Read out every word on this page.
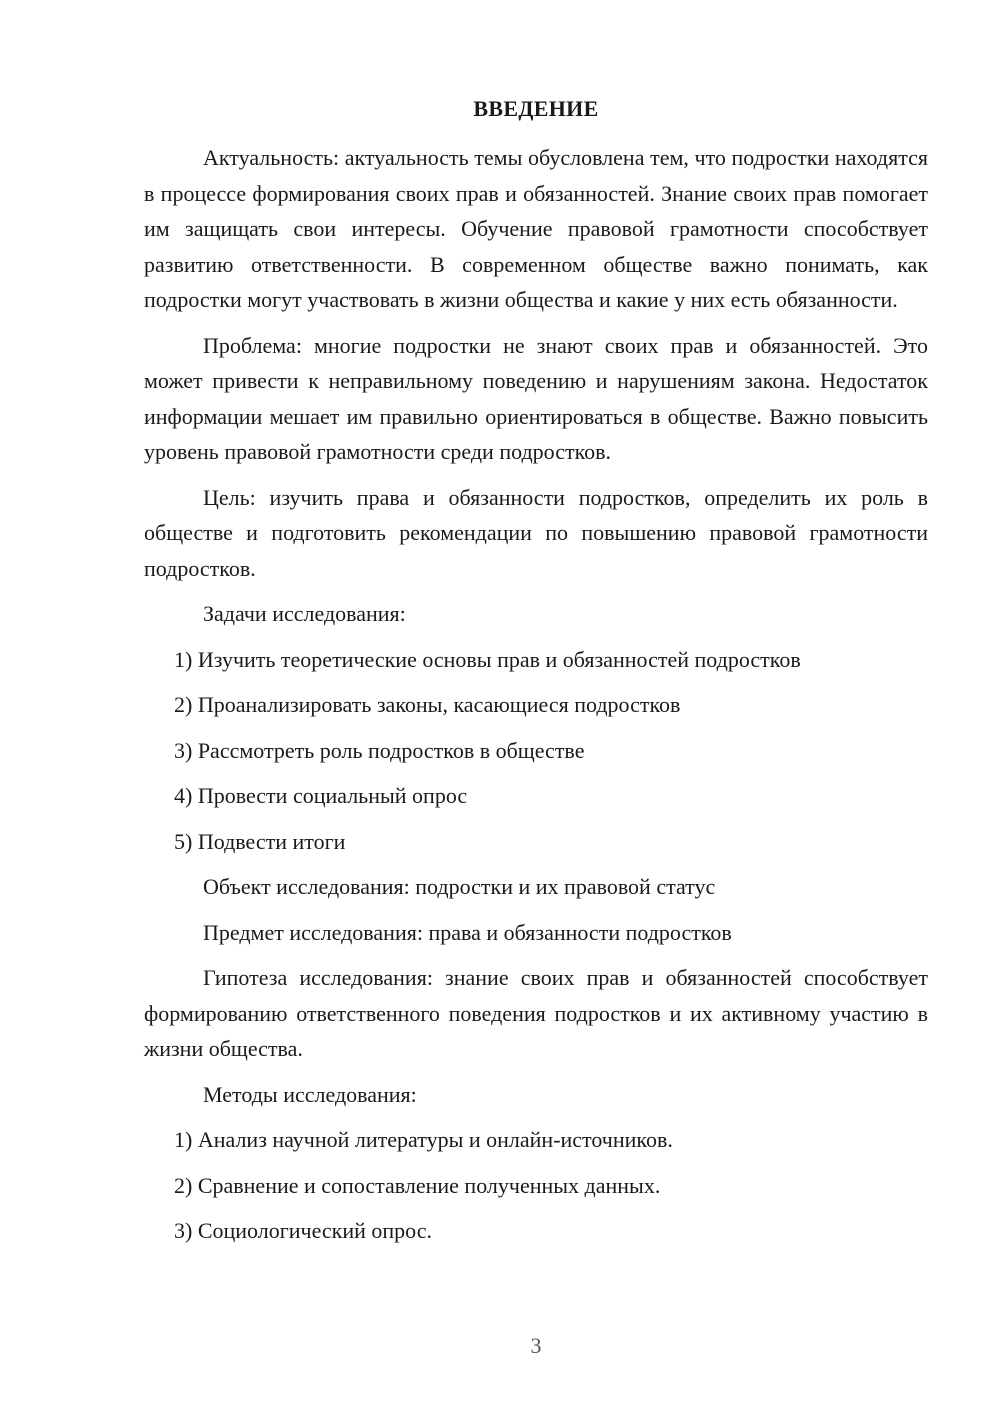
ВВЕДЕНИЕ

Актуальность: актуальность темы обусловлена тем, что подростки находятся в процессе формирования своих прав и обязанностей. Знание своих прав помогает им защищать свои интересы. Обучение правовой грамотности способствует развитию ответственности. В современном обществе важно понимать, как подростки могут участвовать в жизни общества и какие у них есть обязанности.

Проблема: многие подростки не знают своих прав и обязанностей. Это может привести к неправильному поведению и нарушениям закона. Недостаток информации мешает им правильно ориентироваться в обществе. Важно повысить уровень правовой грамотности среди подростков.

Цель: изучить права и обязанности подростков, определить их роль в обществе и подготовить рекомендации по повышению правовой грамотности подростков.

Задачи исследования:

1) Изучить теоретические основы прав и обязанностей подростков

2) Проанализировать законы, касающиеся подростков

3) Рассмотреть роль подростков в обществе

4) Провести социальный опрос

5) Подвести итоги

Объект исследования: подростки и их правовой статус

Предмет исследования: права и обязанности подростков

Гипотеза исследования: знание своих прав и обязанностей способствует формированию ответственного поведения подростков и их активному участию в жизни общества.

Методы исследования:

1) Анализ научной литературы и онлайн-источников.

2) Сравнение и сопоставление полученных данных.

3) Социологический опрос.

3
